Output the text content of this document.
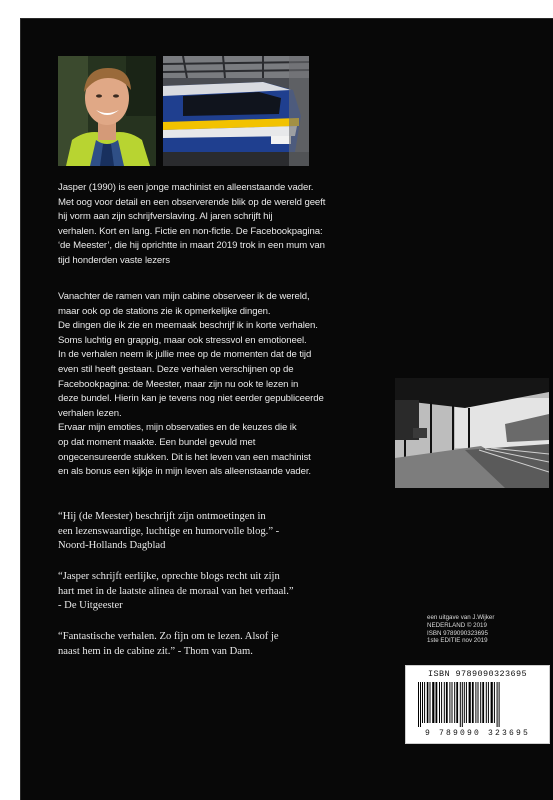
Jasper (1990) is een jonge machinist en alleenstaande vader.

Met oog voor detail en een observerende blik op de wereld geeft

hij vorm aan zijn schrijfverslaving. Al jaren schrijft hij

verhalen. Kort en lang. Fictie en non-fictie. De Facebookpagina:

‘de Meester’, die hij oprichtte in maart 2019 trok in een mum van

tijd honderden vaste lezers

Vanachter de ramen van mijn cabine observeer ik de wereld,

maar ook op de stations zie ik opmerkelijke dingen.

De dingen die ik zie en meemaak beschrijf ik in korte verhalen.

Soms luchtig en grappig, maar ook stressvol en emotioneel.

In de verhalen neem ik jullie mee op de momenten dat de tijd

even stil heeft gestaan. Deze verhalen verschijnen op de

Facebookpagina: de Meester, maar zijn nu ook te lezen in

deze bundel. Hierin kan je tevens nog niet eerder gepubliceerde

verhalen lezen.

Ervaar mijn emoties, mijn observaties en de keuzes die ik

op dat moment maakte. Een bundel gevuld met

ongecensureerde stukken. Dit is het leven van een machinist

en als bonus een kijkje in mijn leven als alleenstaande vader.

“Hij (de Meester) beschrijft zijn ontmoetingen in
een lezenswaardige, luchtige en humorvolle blog.” -
Noord-Hollands Dagblad
“Jasper schrijft eerlijke, oprechte blogs recht uit zijn
hart met in de laatste alinea de moraal van het verhaal.”
- De Uitgeester
“Fantastische verhalen. Zo fijn om te lezen. Alsof je
naast hem in de cabine zit.” - Thom van Dam.
een uitgave van J.Wijker
NEDERLAND © 2019
ISBN 9789090323695
1ste EDITIE nov 2019
ISBN 9789090323695
9 789090 323695
